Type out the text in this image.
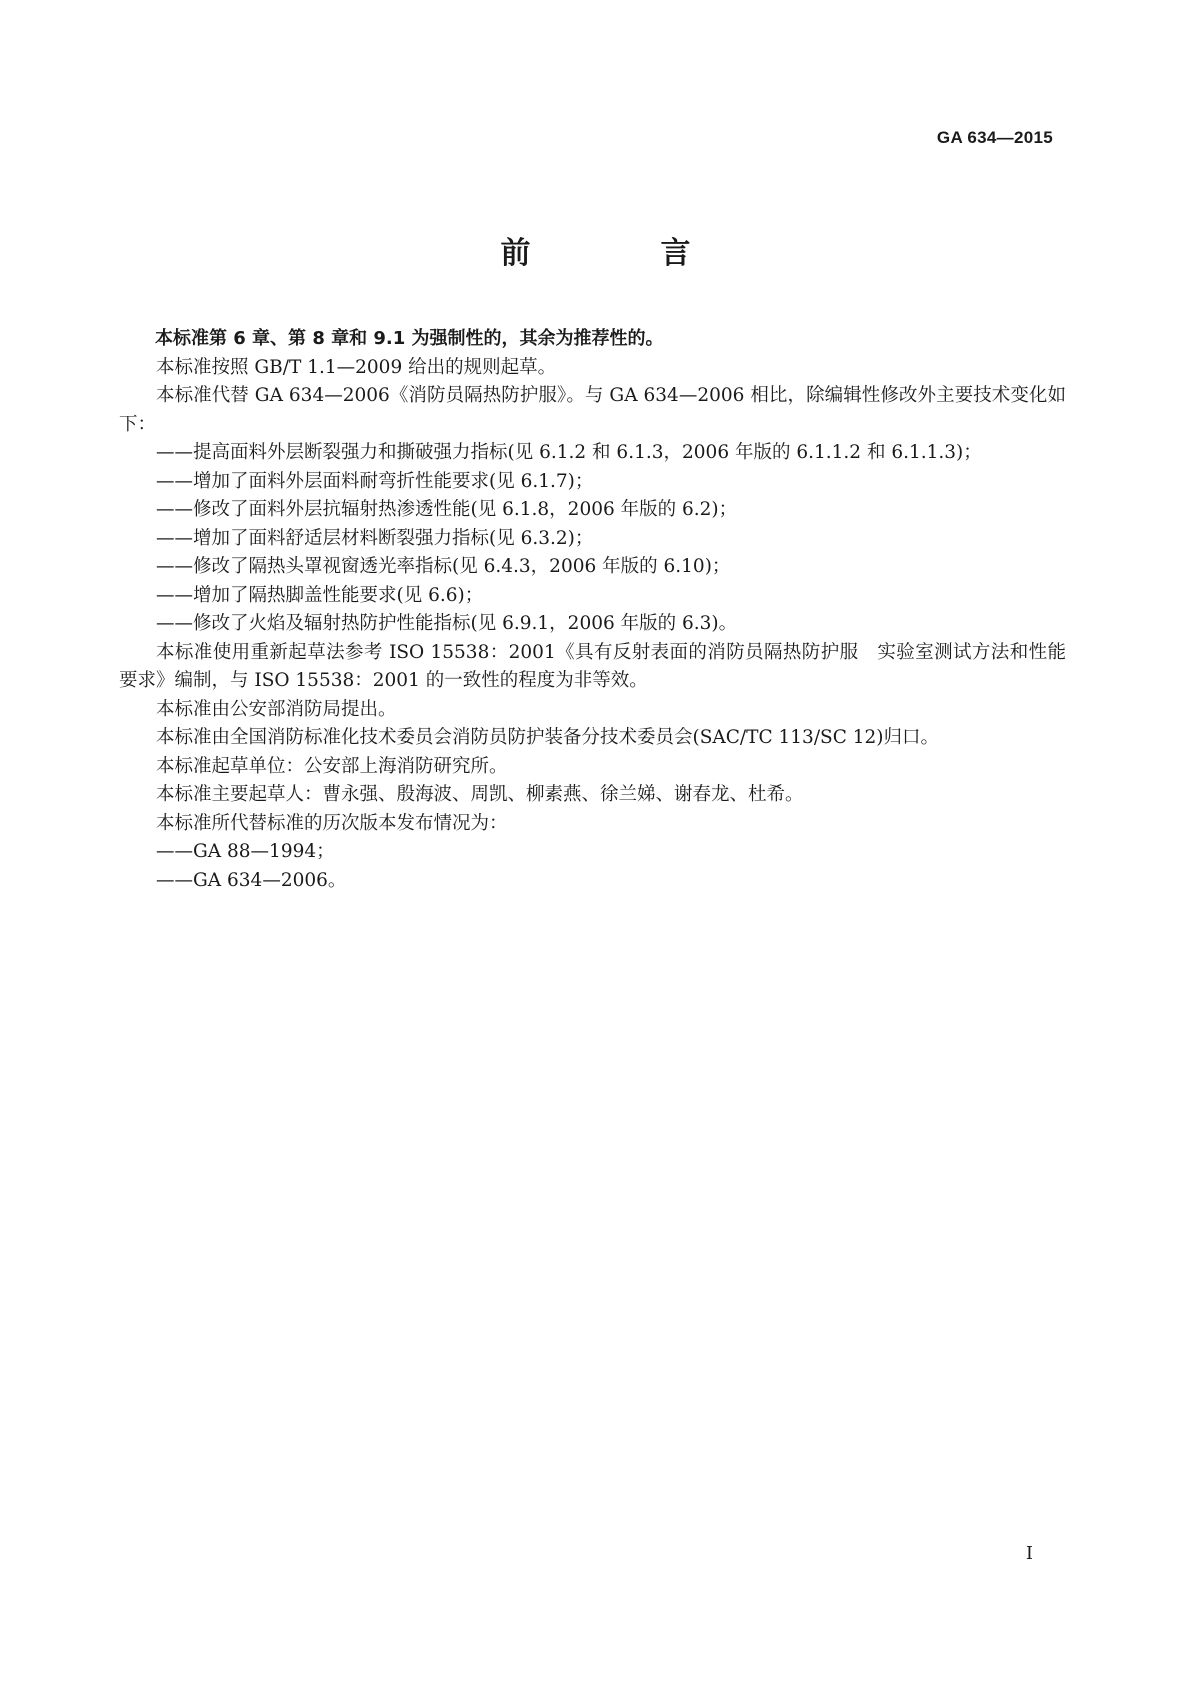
GA 634—2015
前　言

本标准第 6 章、第 8 章和 9.1 为强制性的，其余为推荐性的。

本标准按照 GB/T 1.1—2009 给出的规则起草。

本标准代替 GA 634—2006《消防员隔热防护服》。与 GA 634—2006 相比，除编辑性修改外主要技术变化如下：

——提高面料外层断裂强力和撕破强力指标(见 6.1.2 和 6.1.3，2006 年版的 6.1.1.2 和 6.1.1.3)；

——增加了面料外层面料耐弯折性能要求(见 6.1.7)；

——修改了面料外层抗辐射热渗透性能(见 6.1.8，2006 年版的 6.2)；

——增加了面料舒适层材料断裂强力指标(见 6.3.2)；

——修改了隔热头罩视窗透光率指标(见 6.4.3，2006 年版的 6.10)；

——增加了隔热脚盖性能要求(见 6.6)；

——修改了火焰及辐射热防护性能指标(见 6.9.1，2006 年版的 6.3)。

本标准使用重新起草法参考 ISO 15538：2001《具有反射表面的消防员隔热防护服　实验室测试方法和性能要求》编制，与 ISO 15538：2001 的一致性的程度为非等效。

本标准由公安部消防局提出。

本标准由全国消防标准化技术委员会消防员防护装备分技术委员会(SAC/TC 113/SC 12)归口。

本标准起草单位：公安部上海消防研究所。

本标准主要起草人：曹永强、殷海波、周凯、柳素燕、徐兰娣、谢春龙、杜希。

本标准所代替标准的历次版本发布情况为：

——GA 88—1994；

——GA 634—2006。

I
